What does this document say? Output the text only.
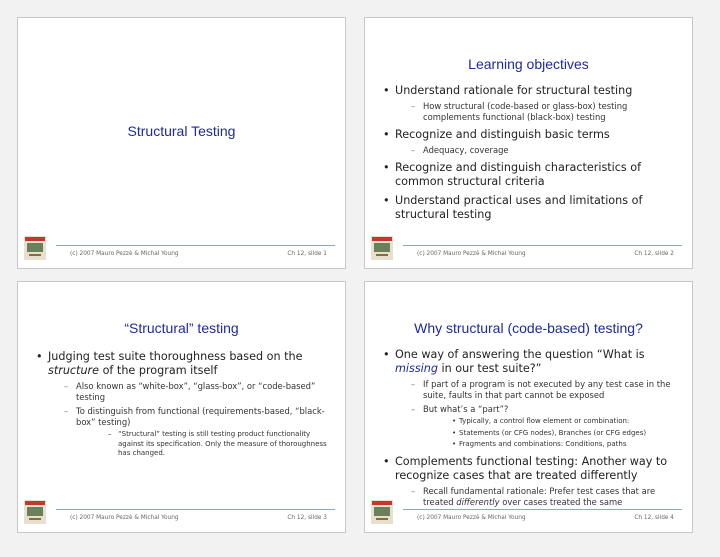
Structural Testing
(c) 2007 Mauro Pezzè & Michal Young	Ch 12, slide 1
Learning objectives
• Understand rationale for structural testing
– How structural (code-based or glass-box) testing complements functional (black-box) testing
• Recognize and distinguish basic terms
– Adequacy, coverage
• Recognize and distinguish characteristics of common structural criteria
• Understand practical uses and limitations of structural testing
(c) 2007 Mauro Pezzè & Michal Young	Ch 12, slide 2
“Structural” testing
• Judging test suite thoroughness based on the structure of the program itself
– Also known as “white-box”, “glass-box”, or “code-based” testing
– To distinguish from functional (requirements-based, “black-box” testing)
– “Structural” testing is still testing product functionality against its specification. Only the measure of thoroughness has changed.
(c) 2007 Mauro Pezzè & Michal Young	Ch 12, slide 3
Why structural (code-based) testing?
• One way of answering the question “What is missing in our test suite?”
– If part of a program is not executed by any test case in the suite, faults in that part cannot be exposed
– But what’s a “part”?
• Typically, a control flow element or combination:
• Statements (or CFG nodes), Branches (or CFG edges)
• Fragments and combinations: Conditions, paths
• Complements functional testing: Another way to recognize cases that are treated differently
– Recall fundamental rationale: Prefer test cases that are treated differently over cases treated the same
(c) 2007 Mauro Pezzè & Michal Young	Ch 12, slide 4
